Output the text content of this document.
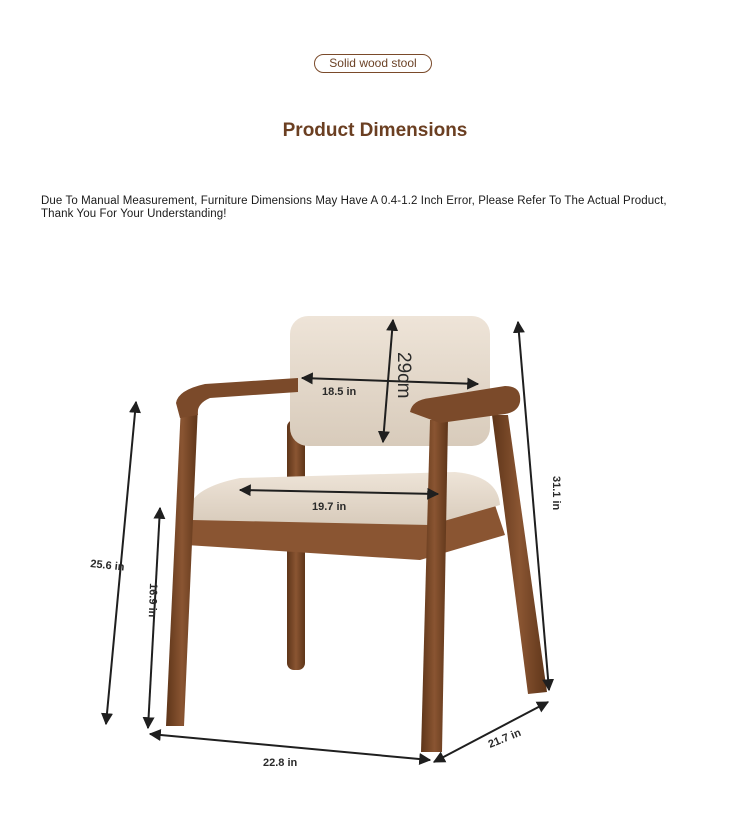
Solid wood stool
Product Dimensions
Due To Manual Measurement, Furniture Dimensions May Have A 0.4-1.2 Inch Error, Please Refer To The Actual Product,
Thank You For Your Understanding!
29cm
18.5 in
19.7 in	31.1 in
25.6 in
16.9 in
22.8 in
21.7 in
